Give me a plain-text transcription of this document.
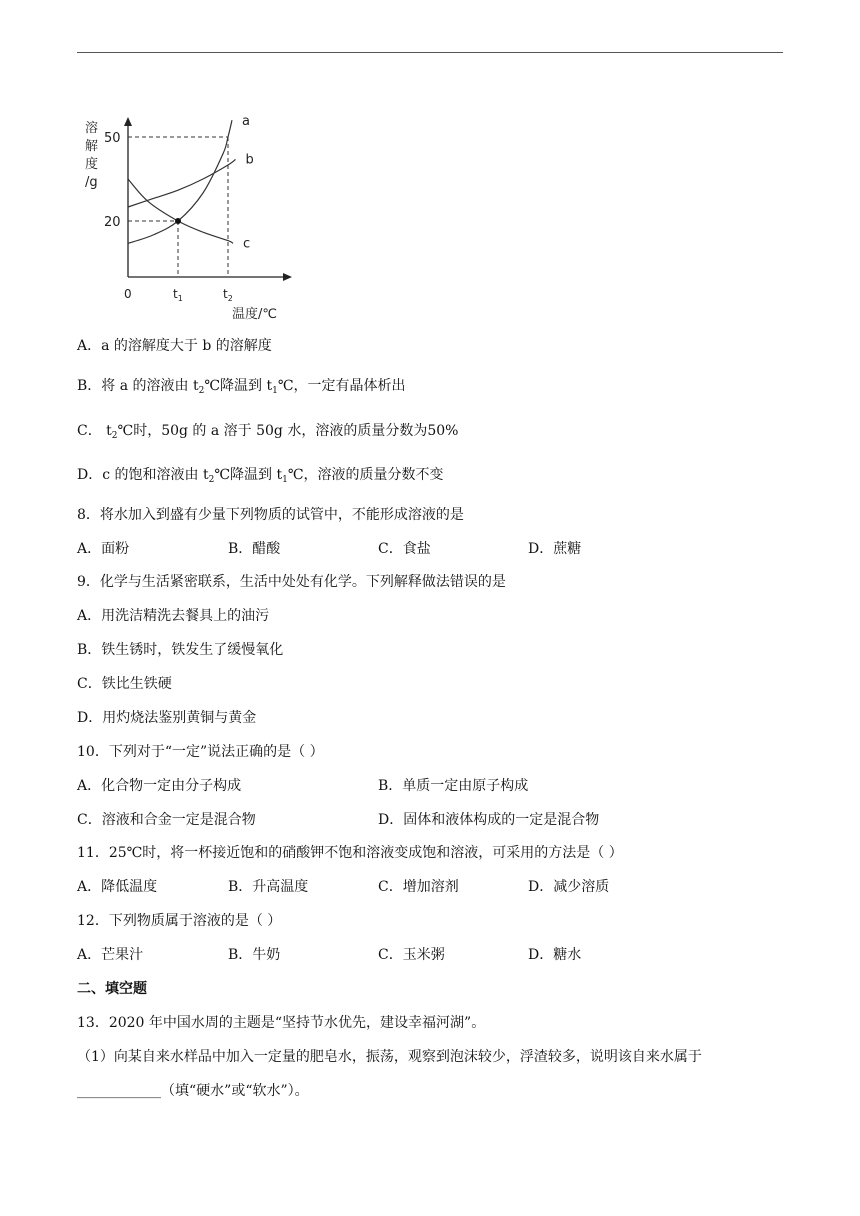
溶
解
度
/g
0
温度/℃
20
50
$t_1$	$t_2$
a
b
c
A．a 的溶解度大于 b 的溶解度
B．将 a 的溶液由 $t_2℃$降温到 $t_1℃$，一定有晶体析出
C． $t_2℃$时，50g 的 a 溶于 50g 水，溶液的质量分数为50%
D．c 的饱和溶液由 $t_2℃$降温到 $t_1℃$，溶液的质量分数不变
8．将水加入到盛有少量下列物质的试管中，不能形成溶液的是
A．面粉	B．醋酸	C．食盐	D．蔗糖
9．化学与生活紧密联系，生活中处处有化学。下列解释做法错误的是
A．用洗洁精洗去餐具上的油污
B．铁生锈时，铁发生了缓慢氧化
C．铁比生铁硬
D．用灼烧法鉴别黄铜与黄金
10．下列对于“一定”说法正确的是（ ）
A．化合物一定由分子构成	B．单质一定由原子构成
C．溶液和合金一定是混合物	D．固体和液体构成的一定是混合物
11．25℃时，将一杯接近饱和的硝酸钾不饱和溶液变成饱和溶液，可采用的方法是（ ）
A．降低温度	B．升高温度	C．增加溶剂	D．减少溶质
12．下列物质属于溶液的是（ ）
A．芒果汁	B．牛奶	C．玉米粥	D．糖水
二、填空题
13．2020 年中国水周的主题是“坚持节水优先，建设幸福河湖”。
（1）向某自来水样品中加入一定量的肥皂水，振荡，观察到泡沫较少，浮渣较多，说明该自来水属于
____________（填“硬水”或“软水”）。
